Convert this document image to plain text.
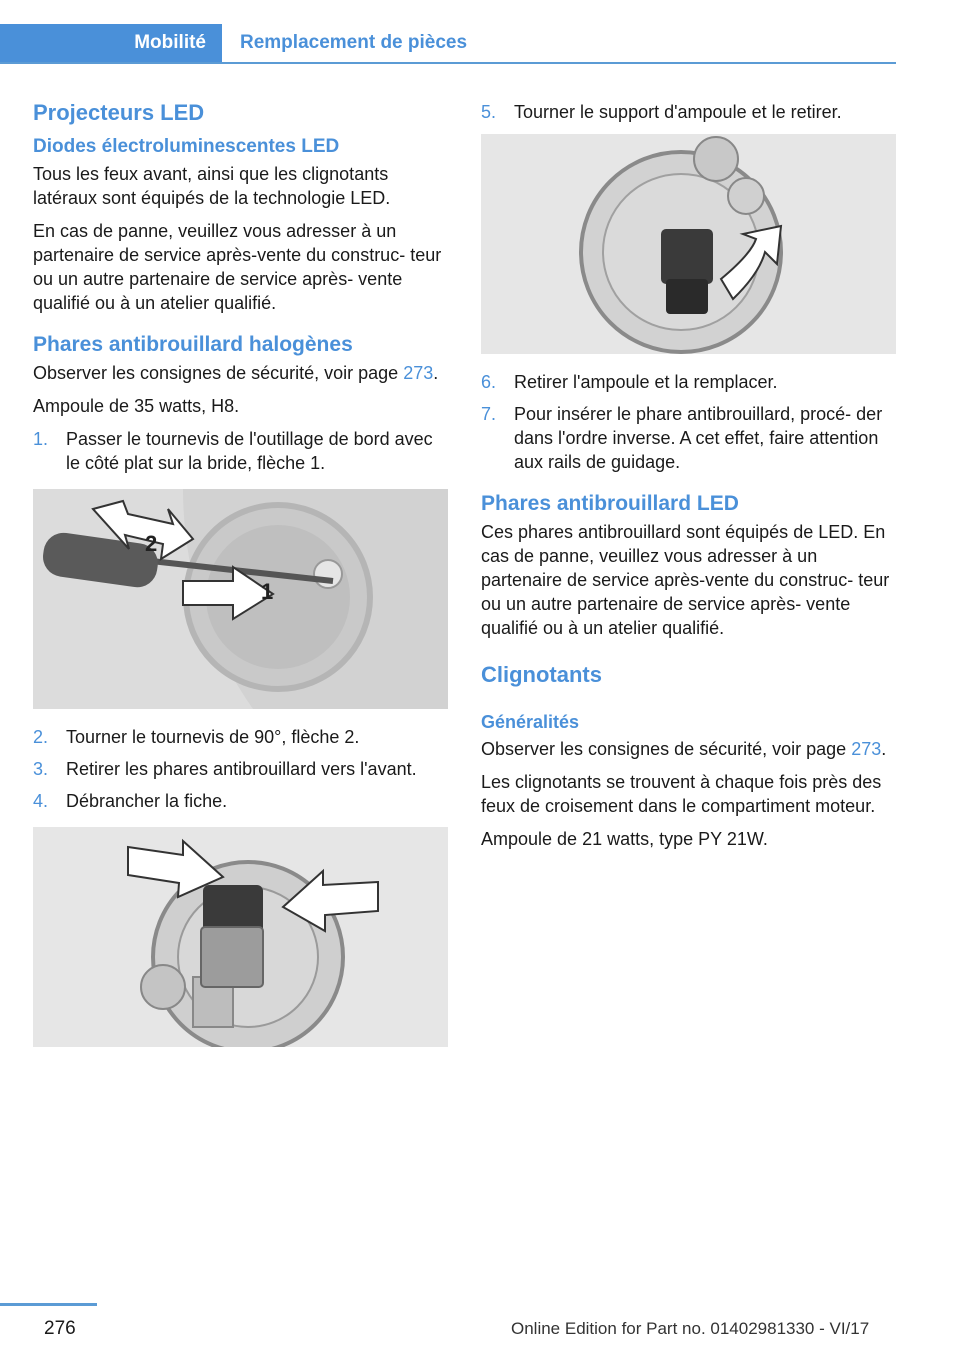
Mobilité	Remplacement de pièces
Projecteurs LED
Diodes électroluminescentes LED

Tous les feux avant, ainsi que les clignotants latéraux sont équipés de la technologie LED.

En cas de panne, veuillez vous adresser à un partenaire de service après-vente du construc- teur ou un autre partenaire de service après- vente qualifié ou à un atelier qualifié.

Phares antibrouillard halogènes

Observer les consignes de sécurité, voir page 273.

Ampoule de 35 watts, H8.

1. Passer le tournevis de l'outillage de bord avec le côté plat sur la bride, flèche 1.
2
1
2. Tourner le tournevis de 90°, flèche 2.
3. Retirer les phares antibrouillard vers l'avant.
4. Débrancher la fiche.
5. Tourner le support d'ampoule et le retirer.
6. Retirer l'ampoule et la remplacer.
7. Pour insérer le phare antibrouillard, procé- der dans l'ordre inverse. A cet effet, faire attention aux rails de guidage.
Phares antibrouillard LED

Ces phares antibrouillard sont équipés de LED. En cas de panne, veuillez vous adresser à un partenaire de service après-vente du construc- teur ou un autre partenaire de service après- vente qualifié ou à un atelier qualifié.

Clignotants
Généralités

Observer les consignes de sécurité, voir page 273.

Les clignotants se trouvent à chaque fois près des feux de croisement dans le compartiment moteur.

Ampoule de 21 watts, type PY 21W.

276	Online Edition for Part no. 01402981330 - VI/17
